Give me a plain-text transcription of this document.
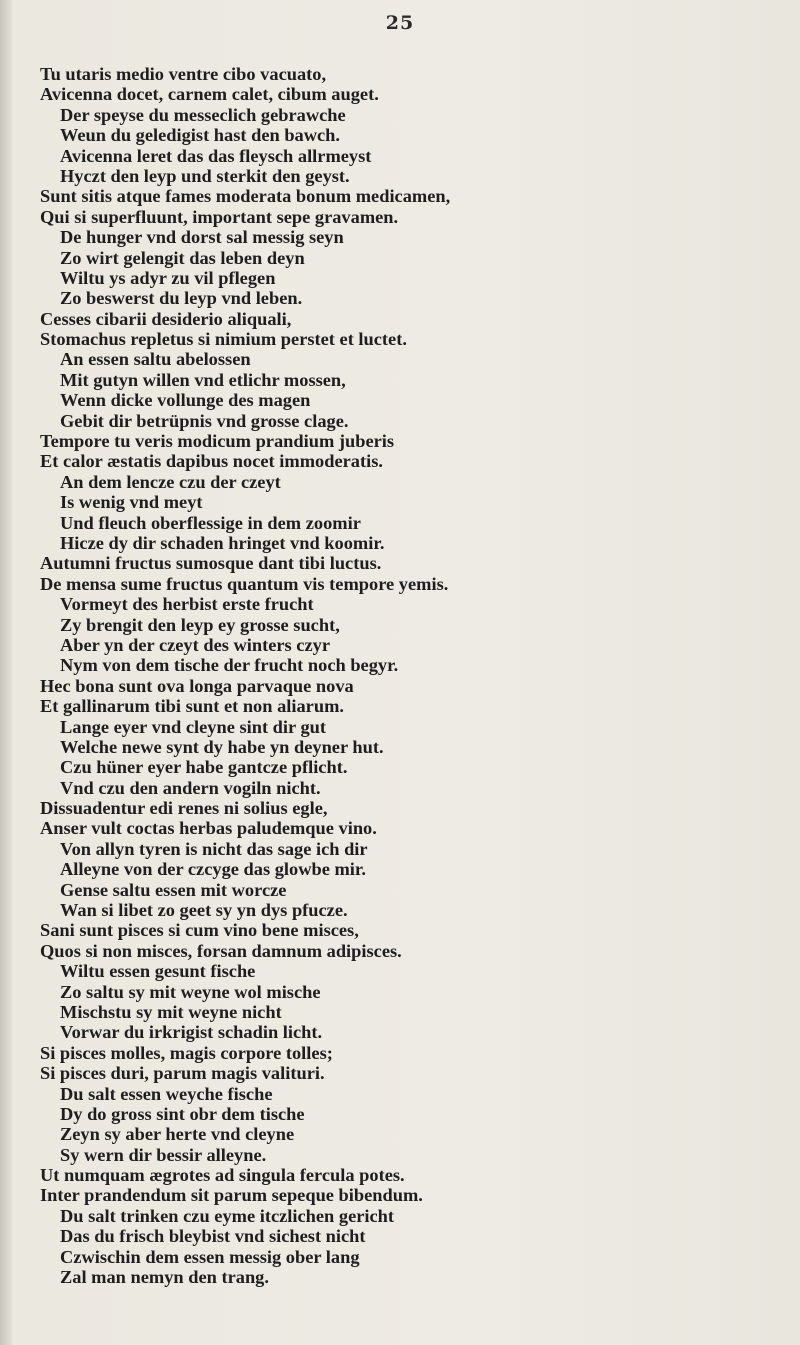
25
Tu utaris medio ventre cibo vacuato,
Avicenna docet, carnem calet, cibum auget.
Der speyse du messeclich gebrawche
Weun du geledigist hast den bawch.
Avicenna leret das das fleysch allrmeyst
Hyczt den leyp und sterkit den geyst.
Sunt sitis atque fames moderata bonum medicamen,
Qui si superfluunt, important sepe gravamen.
De hunger vnd dorst sal messig seyn
Zo wirt gelengit das leben deyn
Wiltu ys adyr zu vil pflegen
Zo beswerst du leyp vnd leben.
Cesses cibarii desiderio aliquali,
Stomachus repletus si nimium perstet et luctet.
An essen saltu abelossen
Mit gutyn willen vnd etlichr mossen,
Wenn dicke vollunge des magen
Gebit dir betrüpnis vnd grosse clage.
Tempore tu veris modicum prandium juberis
Et calor æstatis dapibus nocet immoderatis.
An dem lencze czu der czeyt
Is wenig vnd meyt
Und fleuch oberflessige in dem zoomir
Hicze dy dir schaden hringet vnd koomir.
Autumni fructus sumosque dant tibi luctus.
De mensa sume fructus quantum vis tempore yemis.
Vormeyt des herbist erste frucht
Zy brengit den leyp ey grosse sucht,
Aber yn der czeyt des winters czyr
Nym von dem tische der frucht noch begyr.
Hec bona sunt ova longa parvaque nova
Et gallinarum tibi sunt et non aliarum.
Lange eyer vnd cleyne sint dir gut
Welche newe synt dy habe yn deyner hut.
Czu hüner eyer habe gantcze pflicht.
Vnd czu den andern vogiln nicht.
Dissuadentur edi renes ni solius egle,
Anser vult coctas herbas paludemque vino.
Von allyn tyren is nicht das sage ich dir
Alleyne von der czcyge das glowbe mir.
Gense saltu essen mit worcze
Wan si libet zo geet sy yn dys pfucze.
Sani sunt pisces si cum vino bene misces,
Quos si non misces, forsan damnum adipisces.
Wiltu essen gesunt fische
Zo saltu sy mit weyne wol mische
Mischstu sy mit weyne nicht
Vorwar du irkrigist schadin licht.
Si pisces molles, magis corpore tolles;
Si pisces duri, parum magis valituri.
Du salt essen weyche fische
Dy do gross sint obr dem tische
Zeyn sy aber herte vnd cleyne
Sy wern dir bessir alleyne.
Ut numquam ægrotes ad singula fercula potes.
Inter prandendum sit parum sepeque bibendum.
Du salt trinken czu eyme itczlichen gericht
Das du frisch bleybist vnd sichest nicht
Czwischin dem essen messig ober lang
Zal man nemyn den trang.
